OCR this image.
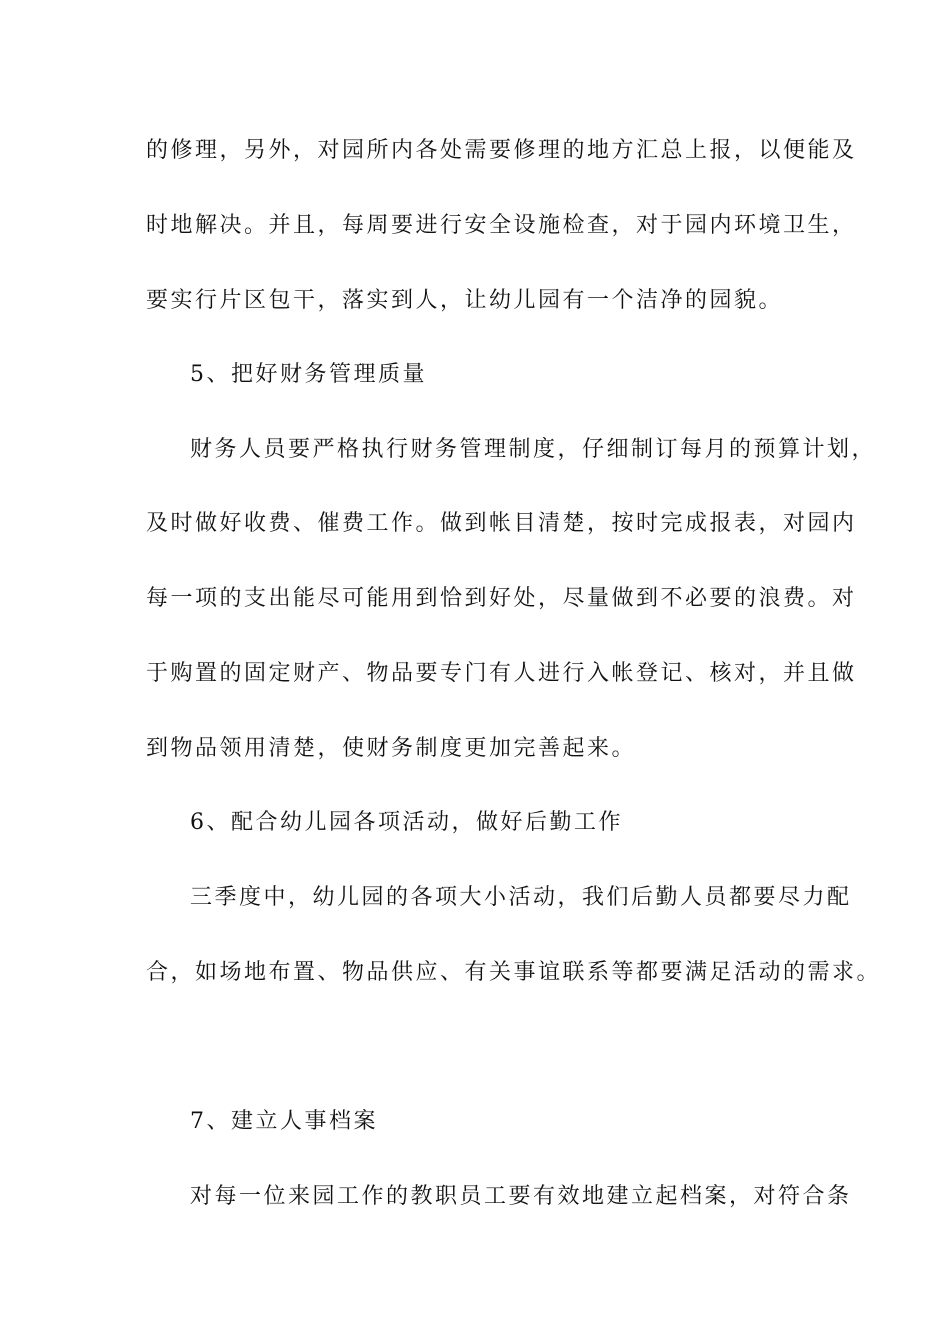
的修理，另外，对园所内各处需要修理的地方汇总上报，以便能及
时地解决。并且，每周要进行安全设施检查，对于园内环境卫生，
要实行片区包干，落实到人，让幼儿园有一个洁净的园貌。
5、把好财务管理质量
财务人员要严格执行财务管理制度，仔细制订每月的预算计划，
及时做好收费、催费工作。做到帐目清楚，按时完成报表，对园内
每一项的支出能尽可能用到恰到好处，尽量做到不必要的浪费。对
于购置的固定财产、物品要专门有人进行入帐登记、核对，并且做
到物品领用清楚，使财务制度更加完善起来。
6、配合幼儿园各项活动，做好后勤工作
三季度中，幼儿园的各项大小活动，我们后勤人员都要尽力配
合，如场地布置、物品供应、有关事谊联系等都要满足活动的需求。
7、建立人事档案
对每一位来园工作的教职员工要有效地建立起档案，对符合条
